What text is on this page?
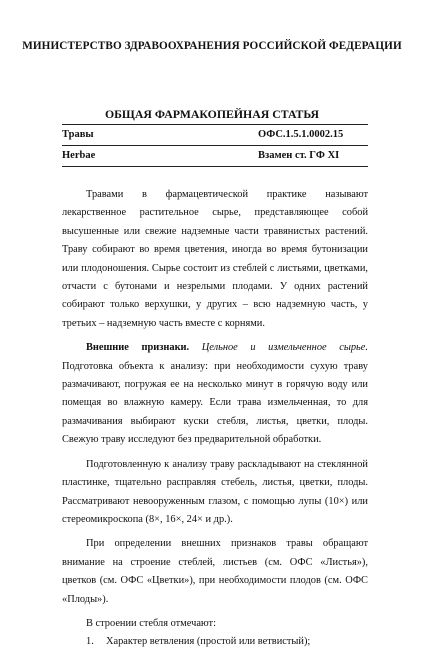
МИНИСТЕРСТВО ЗДРАВООХРАНЕНИЯ РОССИЙСКОЙ ФЕДЕРАЦИИ
ОБЩАЯ ФАРМАКОПЕЙНАЯ СТАТЬЯ
Травы	ОФС.1.5.1.0002.15
Herbae	Взамен ст. ГФ XI

Травами в фармацевтической практике называют лекарственное растительное сырье, представляющее собой высушенные или свежие надземные части травянистых растений. Траву собирают во время цветения, иногда во время бутонизации или плодоношения. Сырье состоит из стеблей с листьями, цветками, отчасти с бутонами и незрелыми плодами. У одних растений собирают только верхушки, у других – всю надземную часть, у третьих – надземную часть вместе с корнями.

Внешние признаки. Цельное и измельченное сырье. Подготовка объекта к анализу: при необходимости сухую траву размачивают, погружая ее на несколько минут в горячую воду или помещая во влажную камеру. Если трава измельченная, то для размачивания выбирают куски стебля, листья, цветки, плоды. Свежую траву исследуют без предварительной обработки.

Подготовленную к анализу траву раскладывают на стеклянной пластинке, тщательно расправляя стебель, листья, цветки, плоды. Рассматривают невооруженным глазом, с помощью лупы (10×) или стереомикроскопа (8×, 16×, 24× и др.).

При определении внешних признаков травы обращают внимание на строение стеблей, листьев (см. ОФС «Листья»), цветков (см. ОФС «Цветки»), при необходимости плодов (см. ОФС «Плоды»).

В строении стебля отмечают:

1. Характер ветвления (простой или ветвистый);
